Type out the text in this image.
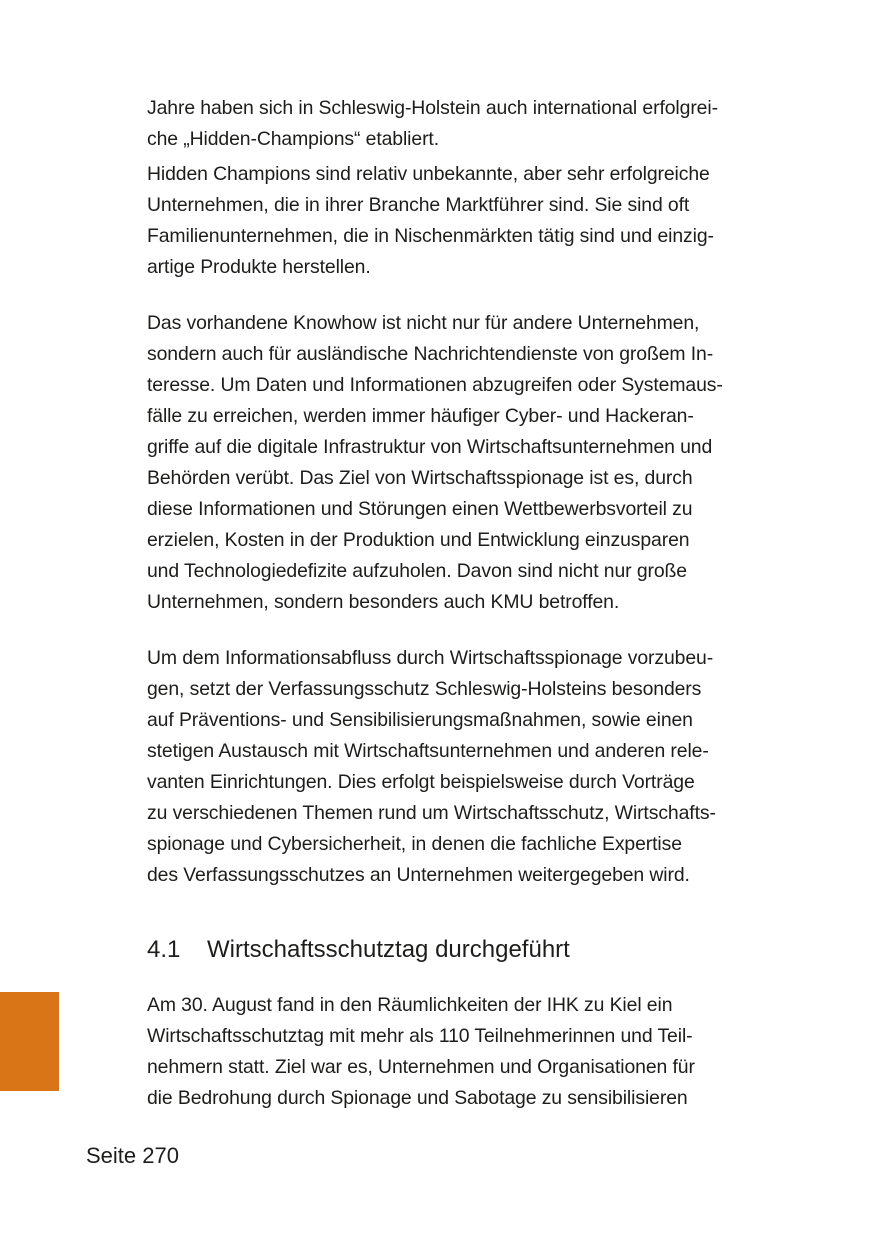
Jahre haben sich in Schleswig-Holstein auch international erfolgrei-
che „Hidden-Champions“ etabliert.
Hidden Champions sind relativ unbekannte, aber sehr erfolgreiche
Unternehmen, die in ihrer Branche Marktführer sind. Sie sind oft
Familienunternehmen, die in Nischenmärkten tätig sind und einzig-
artige Produkte herstellen.
Das vorhandene Knowhow ist nicht nur für andere Unternehmen,
sondern auch für ausländische Nachrichtendienste von großem In-
teresse. Um Daten und Informationen abzugreifen oder Systemaus-
fälle zu erreichen, werden immer häufiger Cyber- und Hackeran-
griffe auf die digitale Infrastruktur von Wirtschaftsunternehmen und
Behörden verübt. Das Ziel von Wirtschaftsspionage ist es, durch
diese Informationen und Störungen einen Wettbewerbsvorteil zu
erzielen, Kosten in der Produktion und Entwicklung einzusparen
und Technologiedefizite aufzuholen. Davon sind nicht nur große
Unternehmen, sondern besonders auch KMU betroffen.
Um dem Informationsabfluss durch Wirtschaftsspionage vorzubeu-
gen, setzt der Verfassungsschutz Schleswig-Holsteins besonders
auf Präventions- und Sensibilisierungsmaßnahmen, sowie einen
stetigen Austausch mit Wirtschaftsunternehmen und anderen rele-
vanten Einrichtungen. Dies erfolgt beispielsweise durch Vorträge
zu verschiedenen Themen rund um Wirtschaftsschutz, Wirtschafts-
spionage und Cybersicherheit, in denen die fachliche Expertise
des Verfassungsschutzes an Unternehmen weitergegeben wird.
4.1 Wirtschaftsschutztag durchgeführt
Am 30. August fand in den Räumlichkeiten der IHK zu Kiel ein
Wirtschaftsschutztag mit mehr als 110 Teilnehmerinnen und Teil-
nehmern statt. Ziel war es, Unternehmen und Organisationen für
die Bedrohung durch Spionage und Sabotage zu sensibilisieren
Seite 270
